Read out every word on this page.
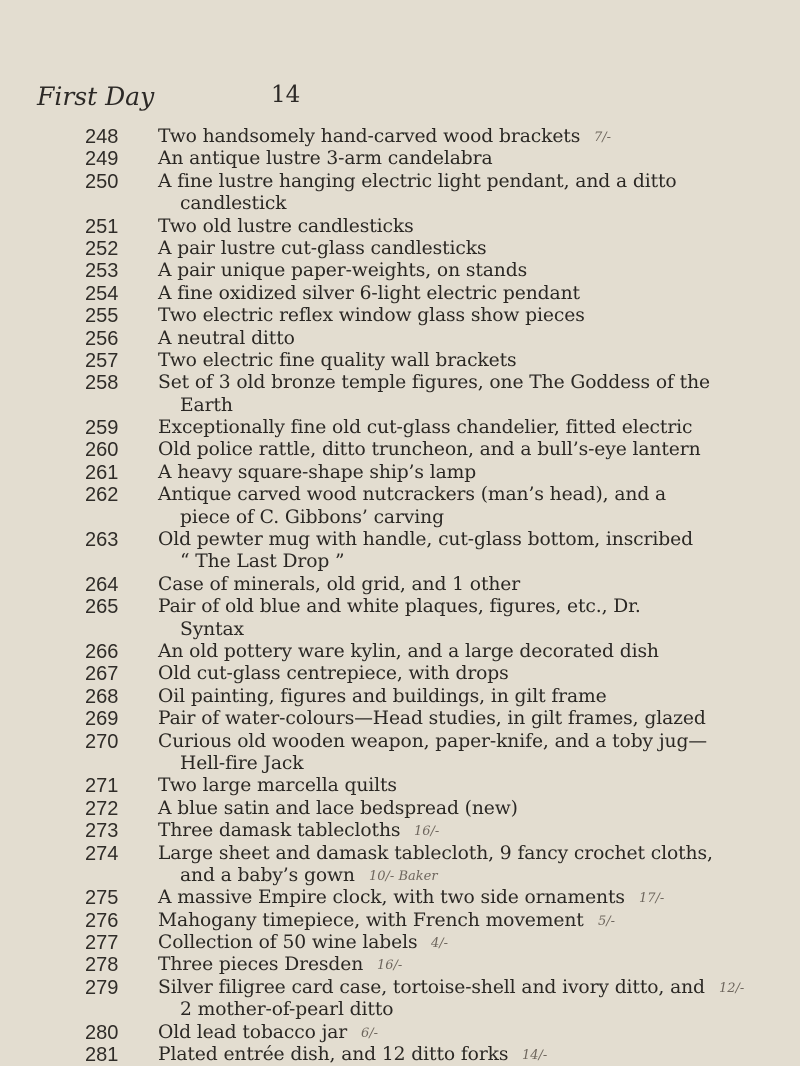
First Day	14
248 Two handsomely hand-carved wood brackets 7/-
249 An antique lustre 3-arm candelabra
250 A fine lustre hanging electric light pendant, and a ditto
candlestick
251 Two old lustre candlesticks
252 A pair lustre cut-glass candlesticks
253 A pair unique paper-weights, on stands
254 A fine oxidized silver 6-light electric pendant
255 Two electric reflex window glass show pieces
256 A neutral ditto
257 Two electric fine quality wall brackets
258 Set of 3 old bronze temple figures, one The Goddess of the
Earth
259 Exceptionally fine old cut-glass chandelier, fitted electric
260 Old police rattle, ditto truncheon, and a bull’s-eye lantern
261 A heavy square-shape ship’s lamp
262 Antique carved wood nutcrackers (man’s head), and a
piece of C. Gibbons’ carving
263 Old pewter mug with handle, cut-glass bottom, inscribed
“ The Last Drop ”
264 Case of minerals, old grid, and 1 other
265 Pair of old blue and white plaques, figures, etc., Dr.
Syntax
266 An old pottery ware kylin, and a large decorated dish
267 Old cut-glass centrepiece, with drops
268 Oil painting, figures and buildings, in gilt frame
269 Pair of water-colours—Head studies, in gilt frames, glazed
270 Curious old wooden weapon, paper-knife, and a toby jug—
Hell-fire Jack
271 Two large marcella quilts
272 A blue satin and lace bedspread (new)
273 Three damask tablecloths 16/-
274 Large sheet and damask tablecloth, 9 fancy crochet cloths,
and a baby’s gown 10/- Baker
275 A massive Empire clock, with two side ornaments 17/-
276 Mahogany timepiece, with French movement 5/-
277 Collection of 50 wine labels 4/-
278 Three pieces Dresden 16/-
279 Silver filigree card case, tortoise-shell and ivory ditto, and 12/-
2 mother-of-pearl ditto
280 Old lead tobacco jar 6/-
281 Plated entrée dish, and 12 ditto forks 14/-
